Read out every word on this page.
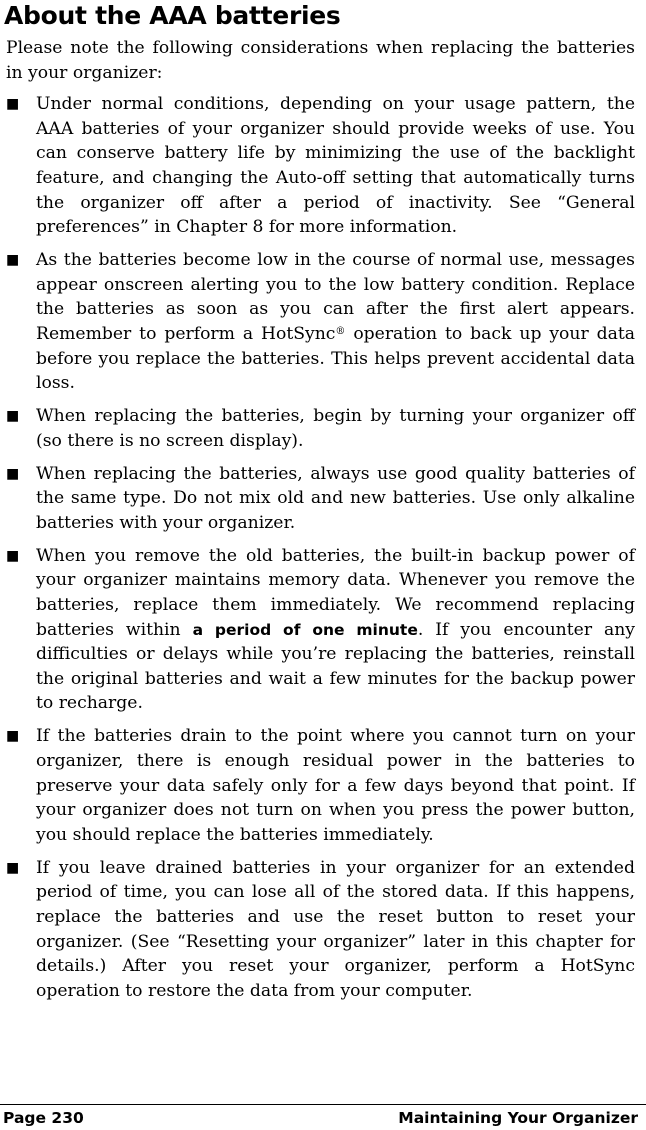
About the AAA batteries

Please note the following considerations when replacing the batteries in your organizer:

■ Under normal conditions, depending on your usage pattern, the AAA batteries of your organizer should provide weeks of use. You can conserve battery life by minimizing the use of the backlight feature, and changing the Auto-off setting that automatically turns the organizer off after a period of inactivity. See “General preferences” in Chapter 8 for more information.
■ As the batteries become low in the course of normal use, messages appear onscreen alerting you to the low battery condition. Replace the batteries as soon as you can after the first alert appears. Remember to perform a HotSync® operation to back up your data before you replace the batteries. This helps prevent accidental data loss.
■ When replacing the batteries, begin by turning your organizer off (so there is no screen display).
■ When replacing the batteries, always use good quality batteries of the same type. Do not mix old and new batteries. Use only alkaline batteries with your organizer.
■ When you remove the old batteries, the built-in backup power of your organizer maintains memory data. Whenever you remove the batteries, replace them immediately. We recommend replacing batteries within a period of one minute. If you encounter any difficulties or delays while you’re replacing the batteries, reinstall the original batteries and wait a few minutes for the backup power to recharge.
■ If the batteries drain to the point where you cannot turn on your organizer, there is enough residual power in the batteries to preserve your data safely only for a few days beyond that point. If your organizer does not turn on when you press the power button, you should replace the batteries immediately.
■ If you leave drained batteries in your organizer for an extended period of time, you can lose all of the stored data. If this happens, replace the batteries and use the reset button to reset your organizer. (See “Resetting your organizer” later in this chapter for details.) After you reset your organizer, perform a HotSync operation to restore the data from your computer.

Page 230	Maintaining Your Organizer
